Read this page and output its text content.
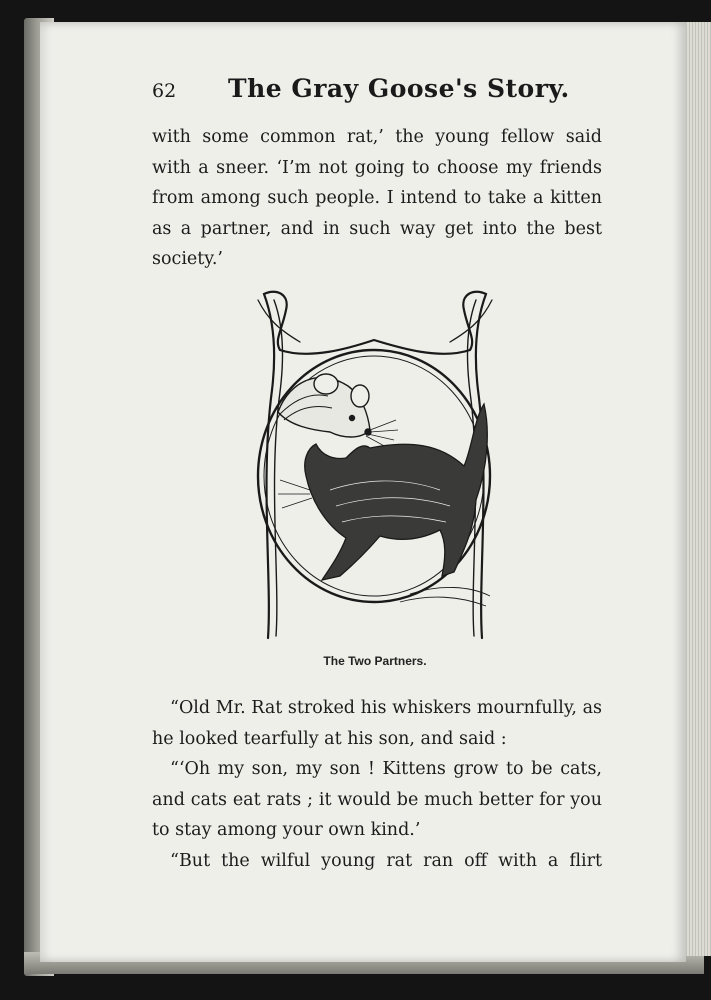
62 The Gray Goose's Story.

with some common rat,’ the young fellow said with a sneer. ‘I’m not going to choose my friends from among such people. I intend to take a kitten as a partner, and in such way get into the best society.’

The Two Partners.

“Old Mr. Rat stroked his whiskers mournfully, as he looked tearfully at his son, and said :

“‘Oh my son, my son ! Kittens grow to be cats, and cats eat rats ; it would be much better for you to stay among your own kind.’

“But the wilful young rat ran off with a flirt
